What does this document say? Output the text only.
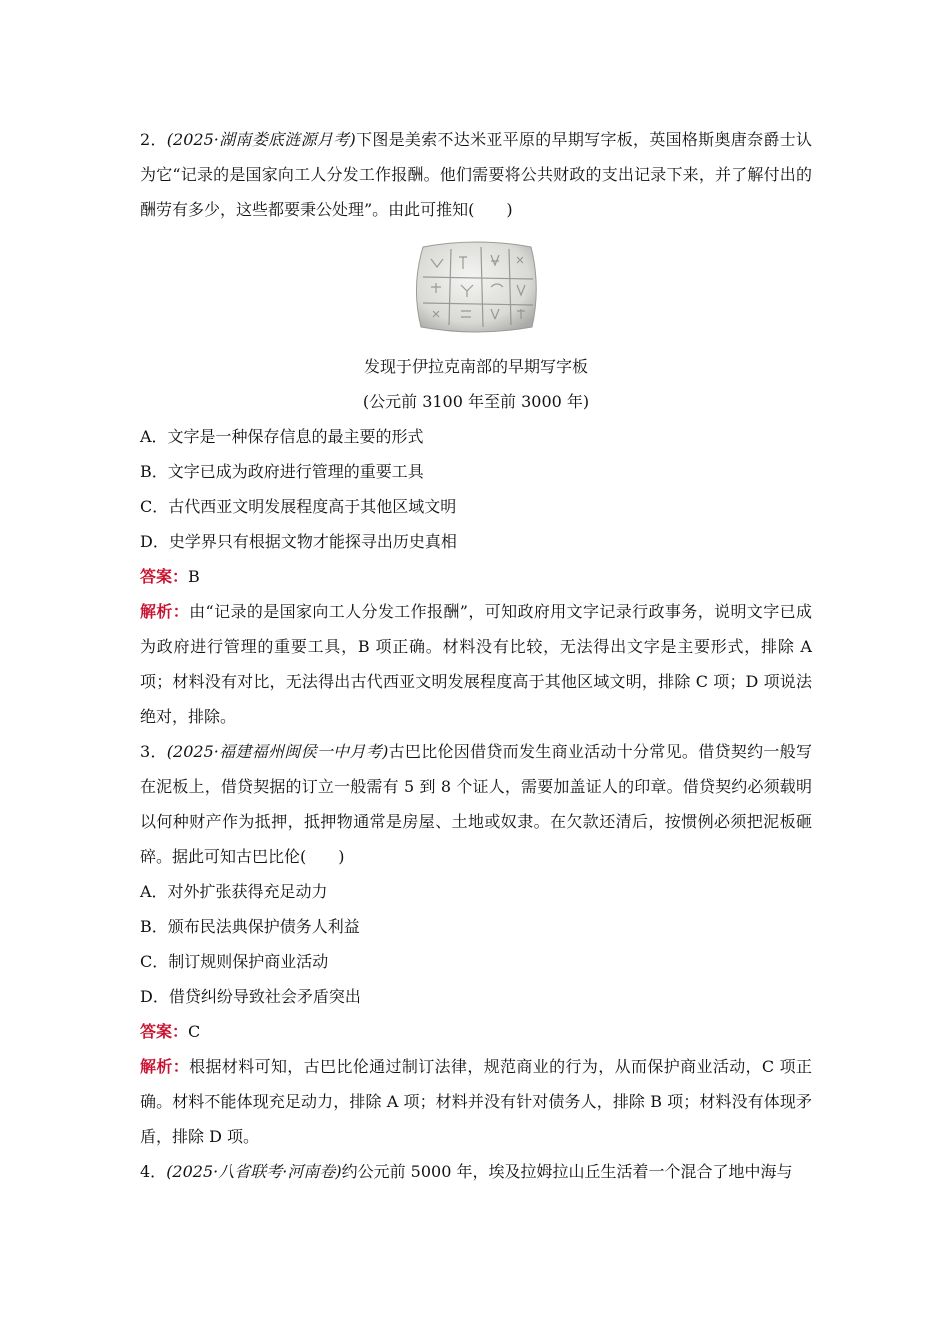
2．(2025·湖南娄底涟源月考)下图是美索不达米亚平原的早期写字板，英国格斯奥唐奈爵士认为它“记录的是国家向工人分发工作报酬。他们需要将公共财政的支出记录下来，并了解付出的酬劳有多少，这些都要秉公处理”。由此可推知(　　)

发现于伊拉克南部的早期写字板

(公元前 3100 年至前 3000 年)

A．文字是一种保存信息的最主要的形式

B．文字已成为政府进行管理的重要工具

C．古代西亚文明发展程度高于其他区域文明

D．史学界只有根据文物才能探寻出历史真相

答案：B

解析：由“记录的是国家向工人分发工作报酬”，可知政府用文字记录行政事务，说明文字已成为政府进行管理的重要工具，B 项正确。材料没有比较，无法得出文字是主要形式，排除 A 项；材料没有对比，无法得出古代西亚文明发展程度高于其他区域文明，排除 C 项；D 项说法绝对，排除。

3．(2025·福建福州闽侯一中月考)古巴比伦因借贷而发生商业活动十分常见。借贷契约一般写在泥板上，借贷契据的订立一般需有 5 到 8 个证人，需要加盖证人的印章。借贷契约必须载明以何种财产作为抵押，抵押物通常是房屋、土地或奴隶。在欠款还清后，按惯例必须把泥板砸碎。据此可知古巴比伦(　　)

A．对外扩张获得充足动力

B．颁布民法典保护债务人利益

C．制订规则保护商业活动

D．借贷纠纷导致社会矛盾突出

答案：C

解析：根据材料可知，古巴比伦通过制订法律，规范商业的行为，从而保护商业活动，C 项正确。材料不能体现充足动力，排除 A 项；材料并没有针对债务人，排除 B 项；材料没有体现矛盾，排除 D 项。

4．(2025·八省联考·河南卷)约公元前 5000 年，埃及拉姆拉山丘生活着一个混合了地中海与
